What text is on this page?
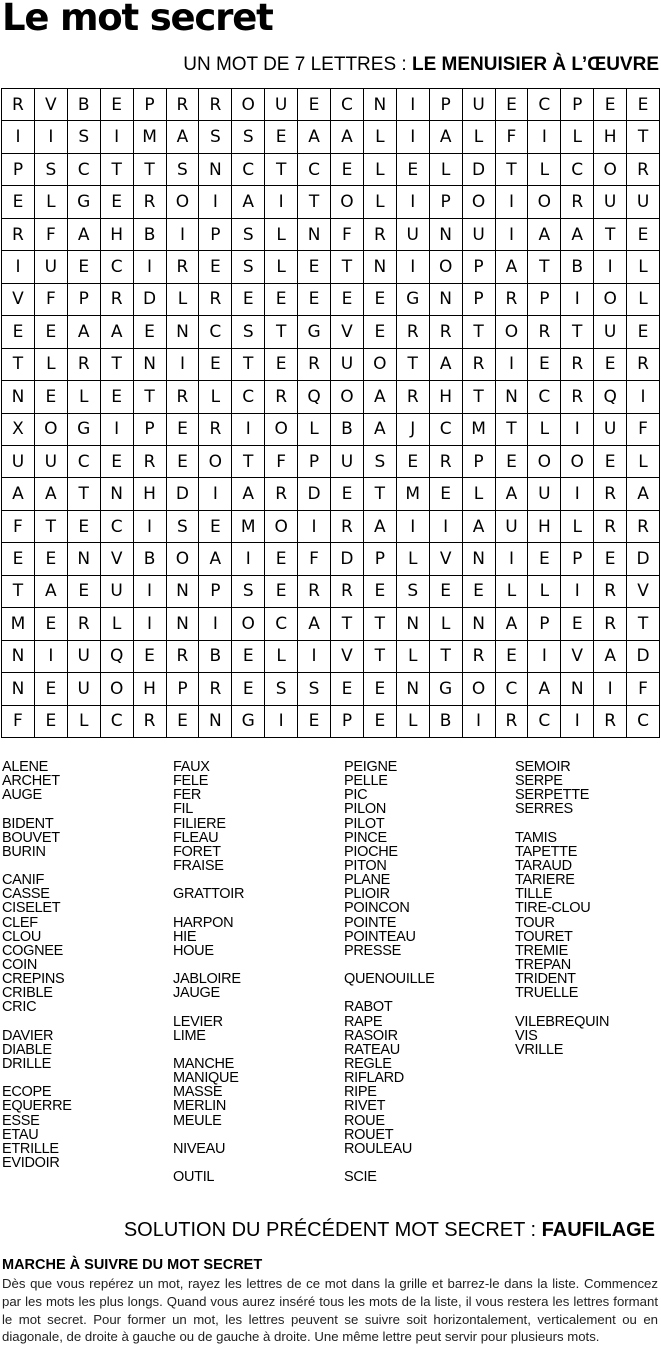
Le mot secret
UN MOT DE 7 LETTRES : LE MENUISIER À L’ŒUVRE
R	V	B	E	P	R	R	O	U	E	C	N	I	P	U	E	C	P	E	E
I	I	S	I	M	A	S	S	E	A	A	L	I	A	L	F	I	L	H	T
P	S	C	T	T	S	N	C	T	C	E	L	E	L	D	T	L	C	O	R
E	L	G	E	R	O	I	A	I	T	O	L	I	P	O	I	O	R	U	U
R	F	A	H	B	I	P	S	L	N	F	R	U	N	U	I	A	A	T	E
I	U	E	C	I	R	E	S	L	E	T	N	I	O	P	A	T	B	I	L
V	F	P	R	D	L	R	E	E	E	E	E	G	N	P	R	P	I	O	L
E	E	A	A	E	N	C	S	T	G	V	E	R	R	T	O	R	T	U	E
T	L	R	T	N	I	E	T	E	R	U	O	T	A	R	I	E	R	E	R
N	E	L	E	T	R	L	C	R	Q	O	A	R	H	T	N	C	R	Q	I
X	O	G	I	P	E	R	I	O	L	B	A	J	C	M	T	L	I	U	F
U	U	C	E	R	E	O	T	F	P	U	S	E	R	P	E	O	O	E	L
A	A	T	N	H	D	I	A	R	D	E	T	M	E	L	A	U	I	R	A
F	T	E	C	I	S	E	M	O	I	R	A	I	I	A	U	H	L	R	R
E	E	N	V	B	O	A	I	E	F	D	P	L	V	N	I	E	P	E	D
T	A	E	U	I	N	P	S	E	R	R	E	S	E	E	L	L	I	R	V
M	E	R	L	I	N	I	O	C	A	T	T	N	L	N	A	P	E	R	T
N	I	U	Q	E	R	B	E	L	I	V	T	L	T	R	E	I	V	A	D
N	E	U	O	H	P	R	E	S	S	E	E	N	G	O	C	A	N	I	F
F	E	L	C	R	E	N	G	I	E	P	E	L	B	I	R	C	I	R	C
ALENE
ARCHET
AUGE
BIDENT
BOUVET
BURIN
CANIF
CASSE
CISELET
CLEF
CLOU
COGNEE
COIN
CREPINS
CRIBLE
CRIC
DAVIER
DIABLE
DRILLE
ECOPE
EQUERRE
ESSE
ETAU
ETRILLE
EVIDOIR
FAUX
FELE
FER
FIL
FILIERE
FLEAU
FORET
FRAISE
GRATTOIR
HARPON
HIE
HOUE
JABLOIRE
JAUGE
LEVIER
LIME
MANCHE
MANIQUE
MASSE
MERLIN
MEULE
NIVEAU
OUTIL
PEIGNE
PELLE
PIC
PILON
PILOT
PINCE
PIOCHE
PITON
PLANE
PLIOIR
POINCON
POINTE
POINTEAU
PRESSE
QUENOUILLE
RABOT
RAPE
RASOIR
RATEAU
REGLE
RIFLARD
RIPE
RIVET
ROUE
ROUET
ROULEAU
SCIE
SEMOIR
SERPE
SERPETTE
SERRES
TAMIS
TAPETTE
TARAUD
TARIERE
TILLE
TIRE-CLOU
TOUR
TOURET
TREMIE
TREPAN
TRIDENT
TRUELLE
VILEBREQUIN
VIS
VRILLE
SOLUTION DU PRÉCÉDENT MOT SECRET : FAUFILAGE
MARCHE À SUIVRE DU MOT SECRET
Dès que vous repérez un mot, rayez les lettres de ce mot dans la grille et barrez-le dans la liste. Commencez par les mots les plus longs. Quand vous aurez inséré tous les mots de la liste, il vous restera les lettres formant le mot secret. Pour former un mot, les lettres peuvent se suivre soit horizontalement, verticalement ou en diagonale, de droite à gauche ou de gauche à droite. Une même lettre peut servir pour plusieurs mots.
